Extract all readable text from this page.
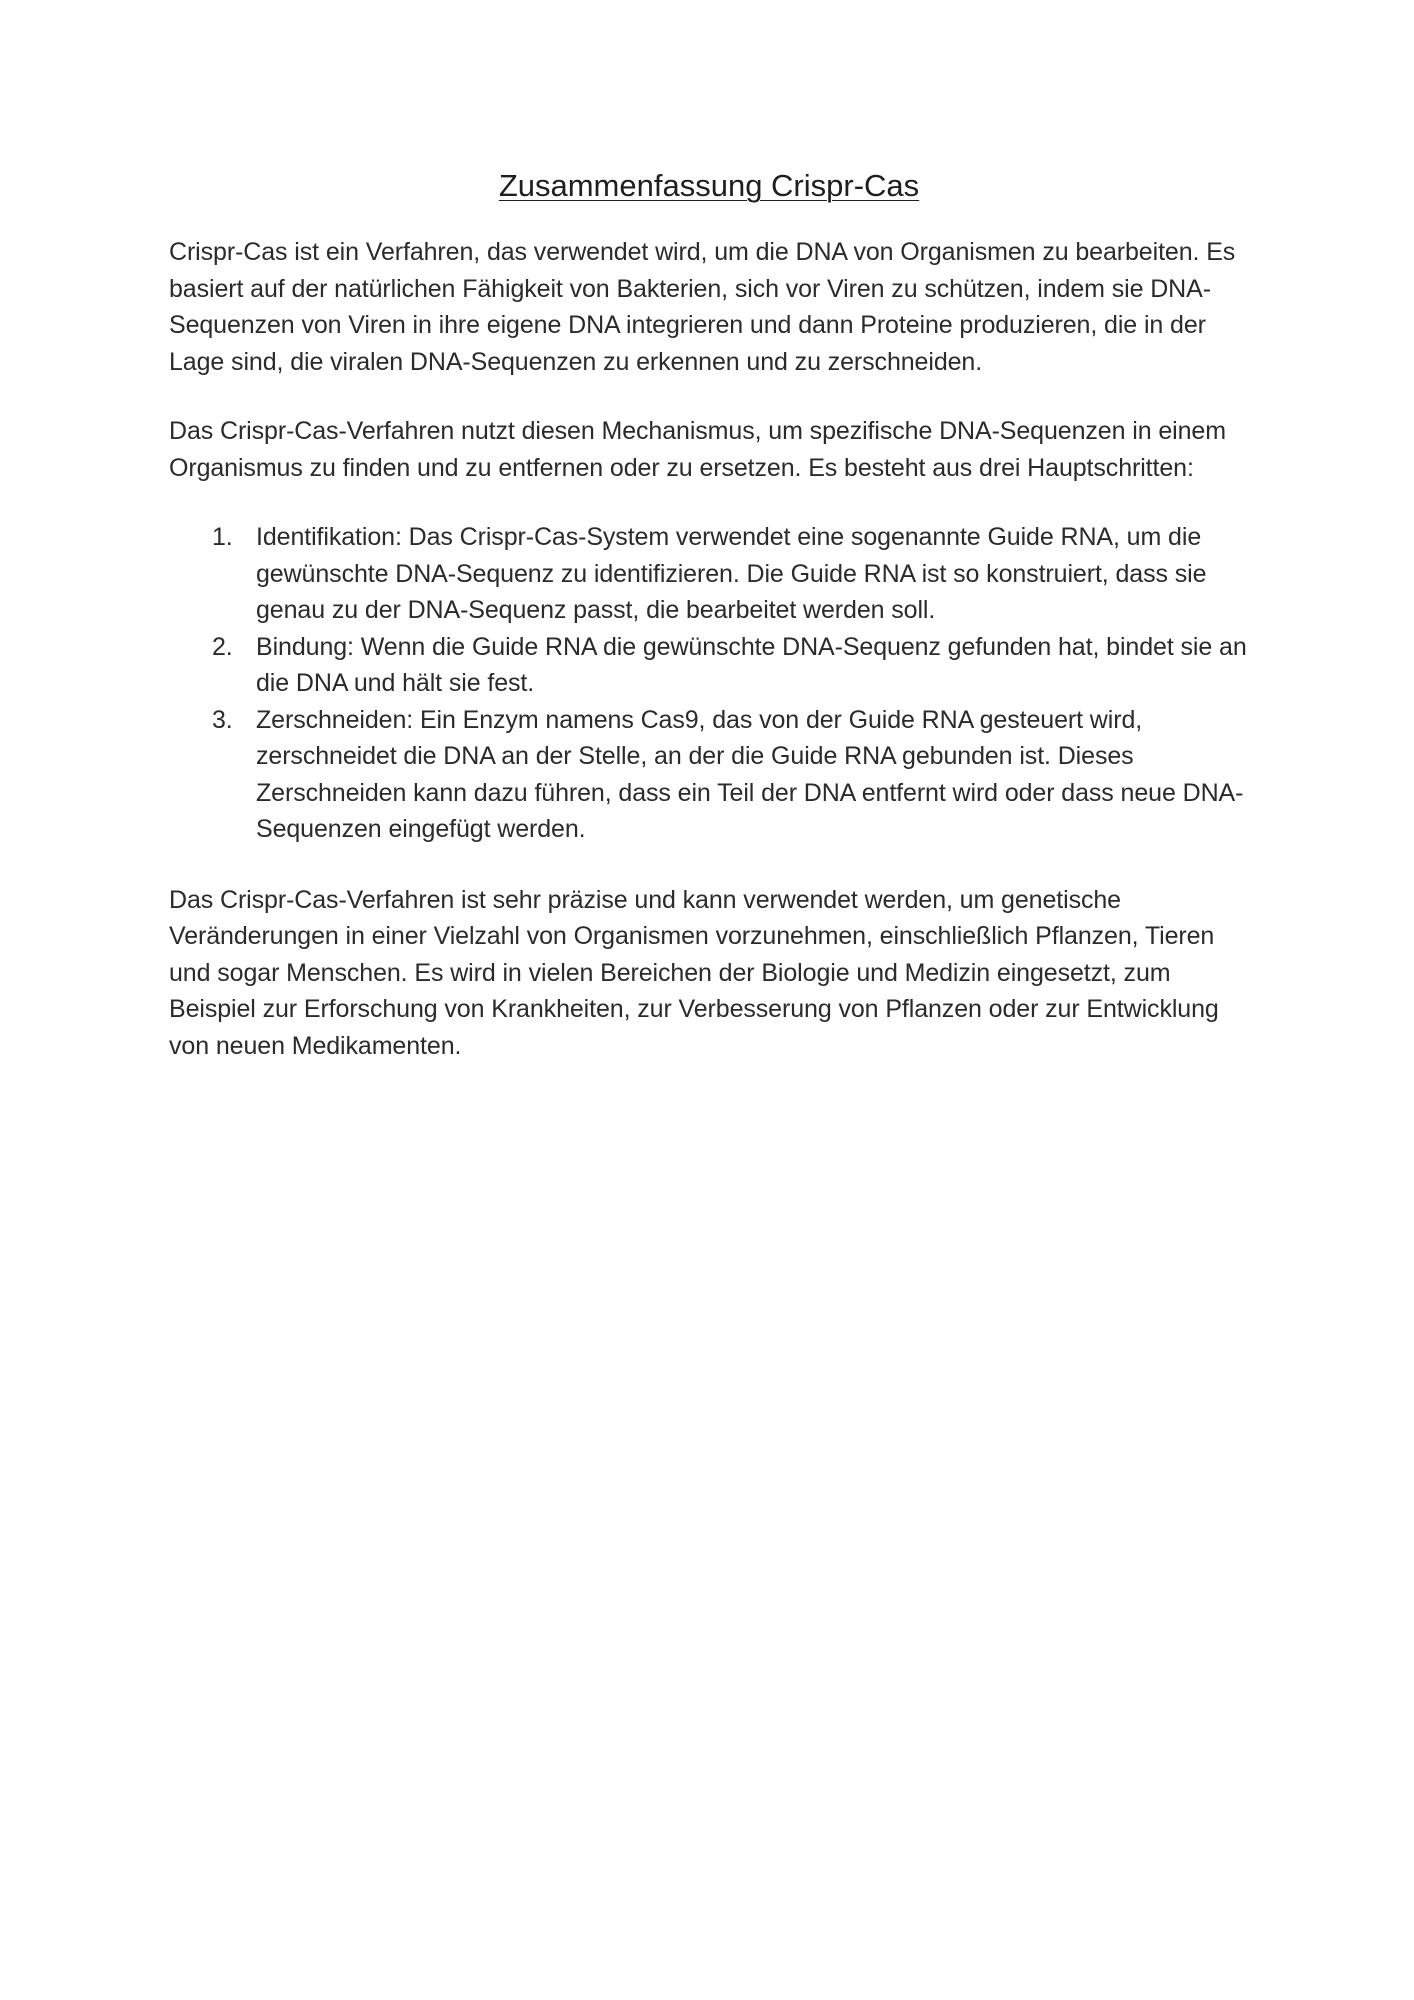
Zusammenfassung Crispr-Cas

Crispr-Cas ist ein Verfahren, das verwendet wird, um die DNA von Organismen zu bearbeiten. Es basiert auf der natürlichen Fähigkeit von Bakterien, sich vor Viren zu schützen, indem sie DNA-Sequenzen von Viren in ihre eigene DNA integrieren und dann Proteine produzieren, die in der Lage sind, die viralen DNA-Sequenzen zu erkennen und zu zerschneiden.

Das Crispr-Cas-Verfahren nutzt diesen Mechanismus, um spezifische DNA-Sequenzen in einem Organismus zu finden und zu entfernen oder zu ersetzen. Es besteht aus drei Hauptschritten:

1. Identifikation: Das Crispr-Cas-System verwendet eine sogenannte Guide RNA, um die gewünschte DNA-Sequenz zu identifizieren. Die Guide RNA ist so konstruiert, dass sie genau zu der DNA-Sequenz passt, die bearbeitet werden soll.
2. Bindung: Wenn die Guide RNA die gewünschte DNA-Sequenz gefunden hat, bindet sie an die DNA und hält sie fest.
3. Zerschneiden: Ein Enzym namens Cas9, das von der Guide RNA gesteuert wird, zerschneidet die DNA an der Stelle, an der die Guide RNA gebunden ist. Dieses Zerschneiden kann dazu führen, dass ein Teil der DNA entfernt wird oder dass neue DNA-Sequenzen eingefügt werden.

Das Crispr-Cas-Verfahren ist sehr präzise und kann verwendet werden, um genetische Veränderungen in einer Vielzahl von Organismen vorzunehmen, einschließlich Pflanzen, Tieren und sogar Menschen. Es wird in vielen Bereichen der Biologie und Medizin eingesetzt, zum Beispiel zur Erforschung von Krankheiten, zur Verbesserung von Pflanzen oder zur Entwicklung von neuen Medikamenten.
